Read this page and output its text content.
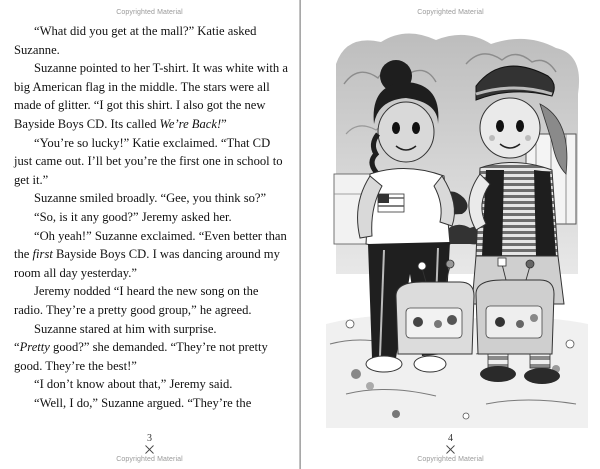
Copyrighted Material

“What did you get at the mall?” Katie asked Suzanne.

Suzanne pointed to her T-shirt. It was white with a big American flag in the middle. The stars were all made of glitter. “I got this shirt. I also got the new Bayside Boys CD. Its called We’re Back!”

“You’re so lucky!” Katie exclaimed. “That CD just came out. I’ll bet you’re the first one in school to get it.”

Suzanne smiled broadly. “Gee, you think so?”

“So, is it any good?” Jeremy asked her.

“Oh yeah!” Suzanne exclaimed. “Even better than the first Bayside Boys CD. I was dancing around my room all day yesterday.”

Jeremy nodded “I heard the new song on the radio. They’re a pretty good group,” he agreed.

Suzanne stared at him with surprise.

“Pretty good?” she demanded. “They’re not pretty good. They’re the best!”

“I don’t know about that,” Jeremy said.

“Well, I do,” Suzanne argued. “They’re the

3
Copyrighted Material
Copyrighted Material
4
Copyrighted Material
